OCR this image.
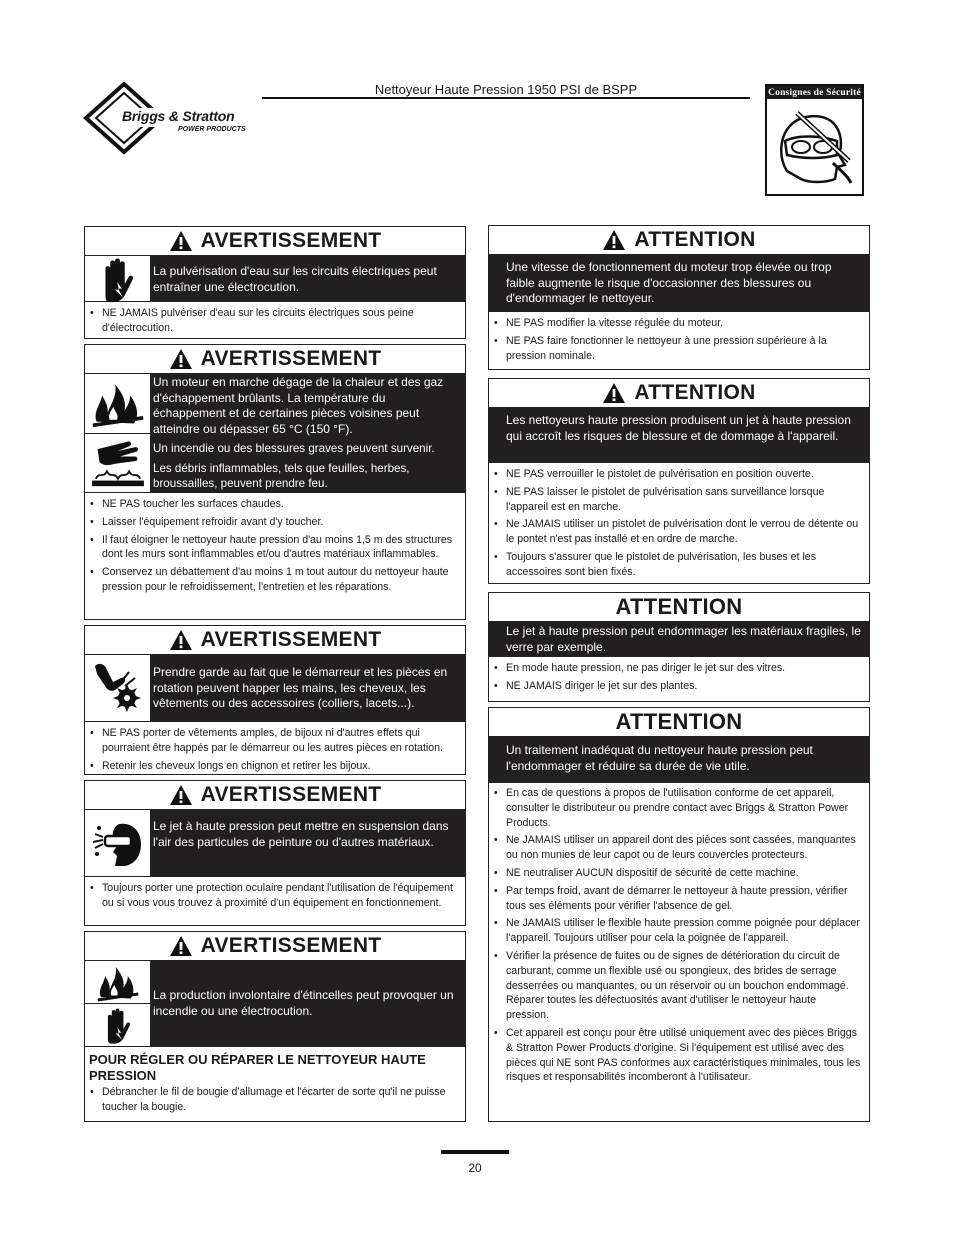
Nettoyeur Haute Pression 1950 PSI de BSPP
Briggs & Stratton
POWER PRODUCTS
Consignes de Sécurité
AVERTISSEMENT
La pulvérisation d'eau sur les circuits électriques peut entraîner une électrocution.
• NE JAMAIS pulvériser d'eau sur les circuits électriques sous peine d'électrocution.
AVERTISSEMENT
Un moteur en marche dégage de la chaleur et des gaz d'échappement brûlants. La température du échappement et de certaines pièces voisines peut atteindre ou dépasser 65 °C (150 °F).
Un incendie ou des blessures graves peuvent survenir.
Les débris inflammables, tels que feuilles, herbes, broussailles, peuvent prendre feu.
• NE PAS toucher les surfaces chaudes.
• Laisser l'équipement refroidir avant d'y toucher.
• Il faut éloigner le nettoyeur haute pression d'au moins 1,5 m des structures dont les murs sont inflammables et/ou d'autres matériaux inflammables.
• Conservez un débattement d'au moins 1 m tout autour du nettoyeur haute pression pour le refroidissement, l'entretien et les réparations.
AVERTISSEMENT
Prendre garde au fait que le démarreur et les pièces en rotation peuvent happer les mains, les cheveux, les vêtements ou des accessoires (colliers, lacets...).
• NE PAS porter de vêtements amples, de bijoux ni d'autres effets qui pourraient être happés par le démarreur ou les autres pièces en rotation.
• Retenir les cheveux longs en chignon et retirer les bijoux.
AVERTISSEMENT
Le jet à haute pression peut mettre en suspension dans l'air des particules de peinture ou d'autres matériaux.
• Toujours porter une protection oculaire pendant l'utilisation de l'équipement ou si vous vous trouvez à proximité d'un équipement en fonctionnement.
AVERTISSEMENT
La production involontaire d'étincelles peut provoquer un incendie ou une électrocution.
POUR RÉGLER OU RÉPARER LE NETTOYEUR HAUTE PRESSION
• Débrancher le fil de bougie d'allumage et l'écarter de sorte qu'il ne puisse toucher la bougie.
ATTENTION
Une vitesse de fonctionnement du moteur trop élevée ou trop faible augmente le risque d'occasionner des blessures ou d'endommager le nettoyeur.
• NE PAS modifier la vitesse régulée du moteur.
• NE PAS faire fonctionner le nettoyeur à une pression supérieure à la pression nominale.
ATTENTION
Les nettoyeurs haute pression produisent un jet à haute pression qui accroît les risques de blessure et de dommage à l'appareil.
• NE PAS verrouiller le pistolet de pulvérisation en position ouverte.
• NE PAS laisser le pistolet de pulvérisation sans surveillance lorsque l'appareil est en marche.
• Ne JAMAIS utiliser un pistolet de pulvérisation dont le verrou de détente ou le pontet n'est pas installé et en ordre de marche.
• Toujours s'assurer que le pistolet de pulvérisation, les buses et les accessoires sont bien fixés.
ATTENTION
Le jet à haute pression peut endommager les matériaux fragiles, le verre par exemple.
• En mode haute pression, ne pas diriger le jet sur des vitres.
• NE JAMAIS diriger le jet sur des plantes.
ATTENTION
Un traitement inadéquat du nettoyeur haute pression peut l'endommager et réduire sa durée de vie utile.
• En cas de questions à propos de l'utilisation conforme de cet appareil, consulter le distributeur ou prendre contact avec Briggs & Stratton Power Products.
• Ne JAMAIS utiliser un appareil dont des pièces sont cassées, manquantes ou non munies de leur capot ou de leurs couvercles protecteurs.
• NE neutraliser AUCUN dispositif de sécurité de cette machine.
• Par temps froid, avant de démarrer le nettoyeur à haute pression, vérifier tous ses éléments pour vérifier l'absence de gel.
• Ne JAMAIS utiliser le flexible haute pression comme poignée pour déplacer l'appareil. Toujours utiliser pour cela la poignée de l'appareil.
• Vérifier la présence de fuites ou de signes de détérioration du circuit de carburant, comme un flexible usé ou spongieux, des brides de serrage desserrées ou manquantes, ou un réservoir ou un bouchon endommagé. Réparer toutes les défectuosités avant d'utiliser le nettoyeur haute pression.
• Cet appareil est conçu pour être utilisé uniquement avec des pièces Briggs & Stratton Power Products d'origine. Si l'équipement est utilisé avec des pièces qui NE sont PAS conformes aux caractéristiques minimales, tous les risques et responsabilités incomberont à l'utilisateur.
20
